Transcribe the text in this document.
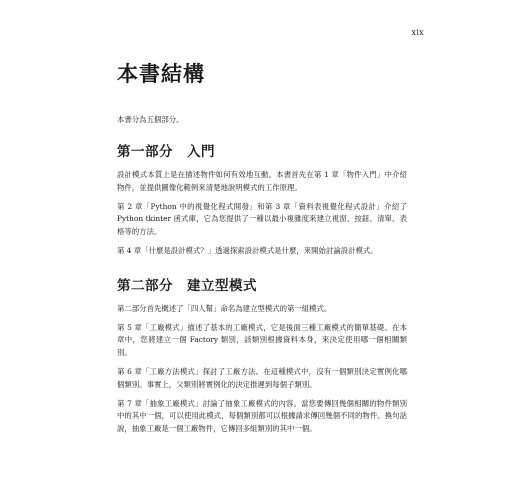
xix
本書結構

本書分為五個部分。

第一部分 入門

設計模式本質上是在描述物件如何有效地互動。本書首先在第 1 章「物件入門」中介紹物件，並提供圖像化範例來清楚地說明模式的工作原理。

第 2 章「Python 中的視覺化程式開發」和第 3 章「資料表視覺化程式設計」介紹了 Python tkinter 函式庫，它為您提供了一種以最小複雜度來建立視窗、按鈕、清單、表格等的方法。

第 4 章「什麼是設計模式？」透過探索設計模式是什麼，來開始討論設計模式。

第二部分 建立型模式

第二部分首先概述了「四人幫」命名為建立型模式的第一組模式。

第 5 章「工廠模式」描述了基本的工廠模式，它是後面三種工廠模式的簡單基礎。在本章中，您將建立一個 Factory 類別，該類別根據資料本身，來決定使用哪一個相關類別。

第 6 章「工廠方法模式」探討了工廠方法。在這種模式中，沒有一個類別決定實例化哪個類別。事實上，父類別將實例化的決定推遲到每個子類別。

第 7 章「抽象工廠模式」討論了抽象工廠模式的內容。當您要傳回幾個相關的物件類別中的其中一個，可以使用此模式，每個類別都可以根據請求傳回幾個不同的物件。換句話說，抽象工廠是一個工廠物件，它傳回多組類別的其中一個。
